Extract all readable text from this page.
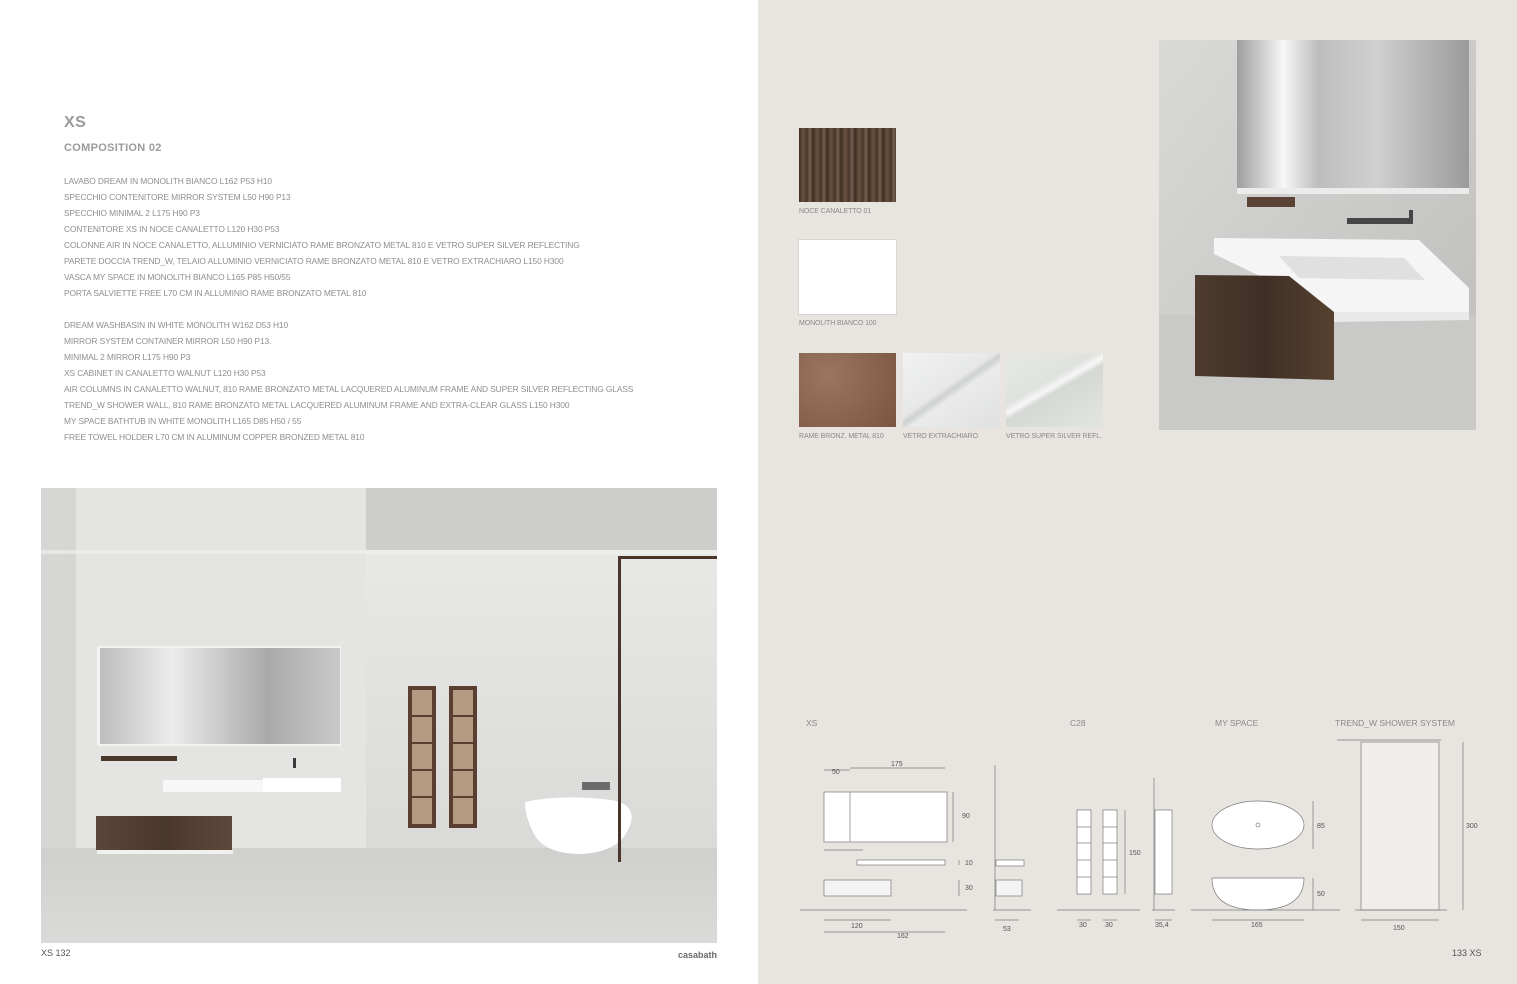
XS
COMPOSITION 02
LAVABO DREAM IN MONOLITH BIANCO L162 P53 H10
SPECCHIO CONTENITORE MIRROR SYSTEM L50 H90 P13
SPECCHIO MINIMAL 2 L175 H90 P3
CONTENITORE XS IN NOCE CANALETTO L120 H30 P53
COLONNE AIR IN NOCE CANALETTO, ALLUMINIO VERNICIATO RAME BRONZATO METAL 810 E VETRO SUPER SILVER REFLECTING
PARETE DOCCIA TREND_W, TELAIO ALLUMINIO VERNICIATO RAME BRONZATO METAL 810 E VETRO EXTRACHIARO L150 H300
VASCA MY SPACE IN MONOLITH BIANCO L165 P85 H50/55
PORTA SALVIETTE FREE L70 CM IN ALLUMINIO RAME BRONZATO METAL 810
DREAM WASHBASIN IN WHITE MONOLITH W162 D53 H10
MIRROR SYSTEM CONTAINER MIRROR L50 H90 P13.
MINIMAL 2 MIRROR L175 H90 P3
XS CABINET IN CANALETTO WALNUT L120 H30 P53
AIR COLUMNS IN CANALETTO WALNUT, 810 RAME BRONZATO METAL LACQUERED ALUMINUM FRAME AND SUPER SILVER REFLECTING GLASS
TREND_W SHOWER WALL, 810 RAME BRONZATO METAL LACQUERED ALUMINUM FRAME AND EXTRA-CLEAR GLASS L150 H300
MY SPACE BATHTUB IN WHITE MONOLITH L165 D85 H50 / 55
FREE TOWEL HOLDER L70 CM IN ALUMINUM COPPER BRONZED METAL 810
XS 132	casabath
NOCE CANALETTO 01
MONOLITH BIANCO 100
RAME BRONZ. METAL 810	VETRO EXTRACHIARO	VETRO SUPER SILVER REFL.
XS	C28	MY SPACE	TREND_W SHOWER SYSTEM
175
50
90
10
30
120
162
53
150
30	30	35,4
85
50
165
300
150
133 XS
